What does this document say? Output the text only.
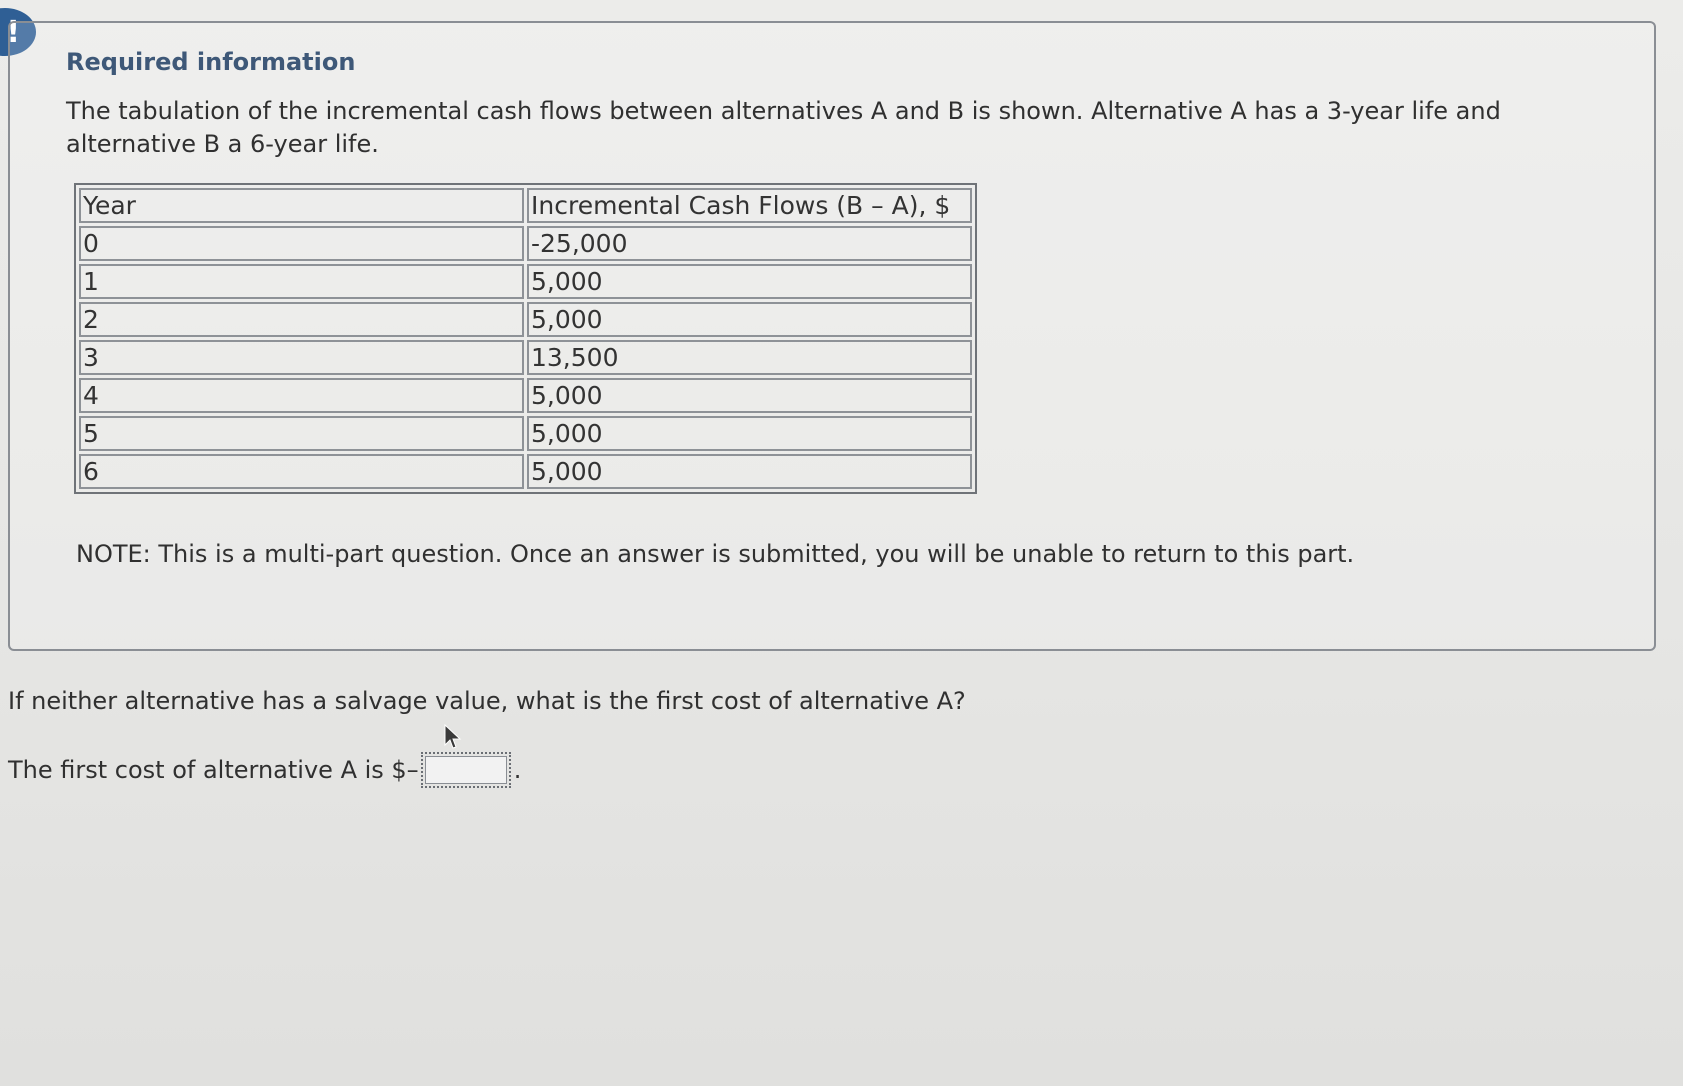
!
Required information
The tabulation of the incremental cash flows between alternatives A and B is shown. Alternative A has a 3-year life and alternative B a 6-year life.
Year	Incremental Cash Flows (B – A), $
0	-25,000
1	5,000
2	5,000
3	13,500
4	5,000
5	5,000
6	5,000
NOTE: This is a multi-part question. Once an answer is submitted, you will be unable to return to this part.
If neither alternative has a salvage value, what is the first cost of alternative A?
The first cost of alternative A is $–	.
